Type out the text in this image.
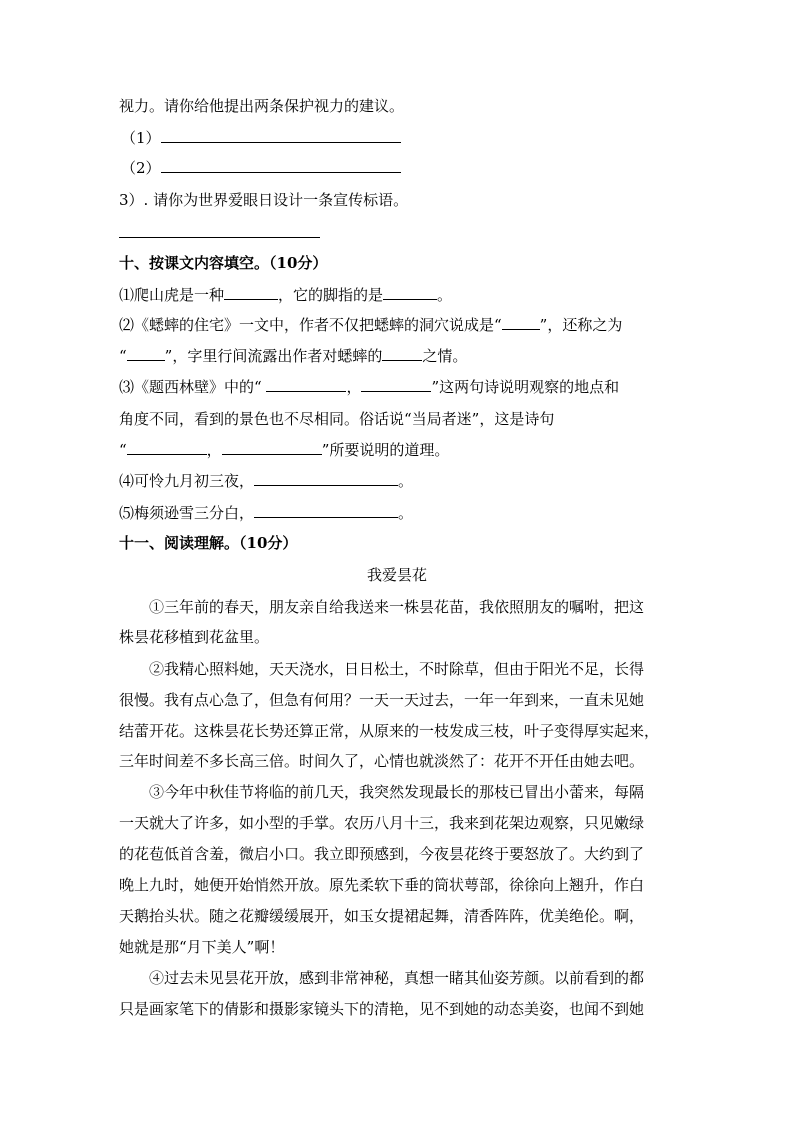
视力。请你给他提出两条保护视力的建议。
（1）
（2）
3）. 请你为世界爱眼日设计一条宣传标语。
十、按课文内容填空。（10分）
⑴爬山虎是一种	，它的脚指的是	。
⑵《蟋蟀的住宅》一文中，作者不仅把蟋蟀的洞穴说成是“	”，还称之为
“	”，字里行间流露出作者对蟋蟀的	之情。
⑶《题西林壁》中的“	，	”这两句诗说明观察的地点和
角度不同，看到的景色也不尽相同。俗话说“当局者迷”，这是诗句
“	，	”所要说明的道理。
⑷可怜九月初三夜，	。
⑸梅须逊雪三分白，	。
十一、阅读理解。（10分）
我爱昙花
①三年前的春天，朋友亲自给我送来一株昙花苗，我依照朋友的嘱咐，把这
株昙花移植到花盆里。
②我精心照料她，天天浇水，日日松土，不时除草，但由于阳光不足，长得
很慢。我有点心急了，但急有何用？一天一天过去，一年一年到来，一直未见她
结蕾开花。这株昙花长势还算正常，从原来的一枝发成三枝，叶子变得厚实起来，
三年时间差不多长高三倍。时间久了，心情也就淡然了：花开不开任由她去吧。
③今年中秋佳节将临的前几天，我突然发现最长的那枝已冒出小蕾来，每隔
一天就大了许多，如小型的手掌。农历八月十三，我来到花架边观察，只见嫩绿
的花苞低首含羞，微启小口。我立即预感到，今夜昙花终于要怒放了。大约到了
晚上九时，她便开始悄然开放。原先柔软下垂的筒状萼部，徐徐向上翘升，作白
天鹅抬头状。随之花瓣缓缓展开，如玉女提裙起舞，清香阵阵，优美绝伦。啊，
她就是那“月下美人”啊！
④过去未见昙花开放，感到非常神秘，真想一睹其仙姿芳颜。以前看到的都
只是画家笔下的倩影和摄影家镜头下的清艳，见不到她的动态美姿，也闻不到她
